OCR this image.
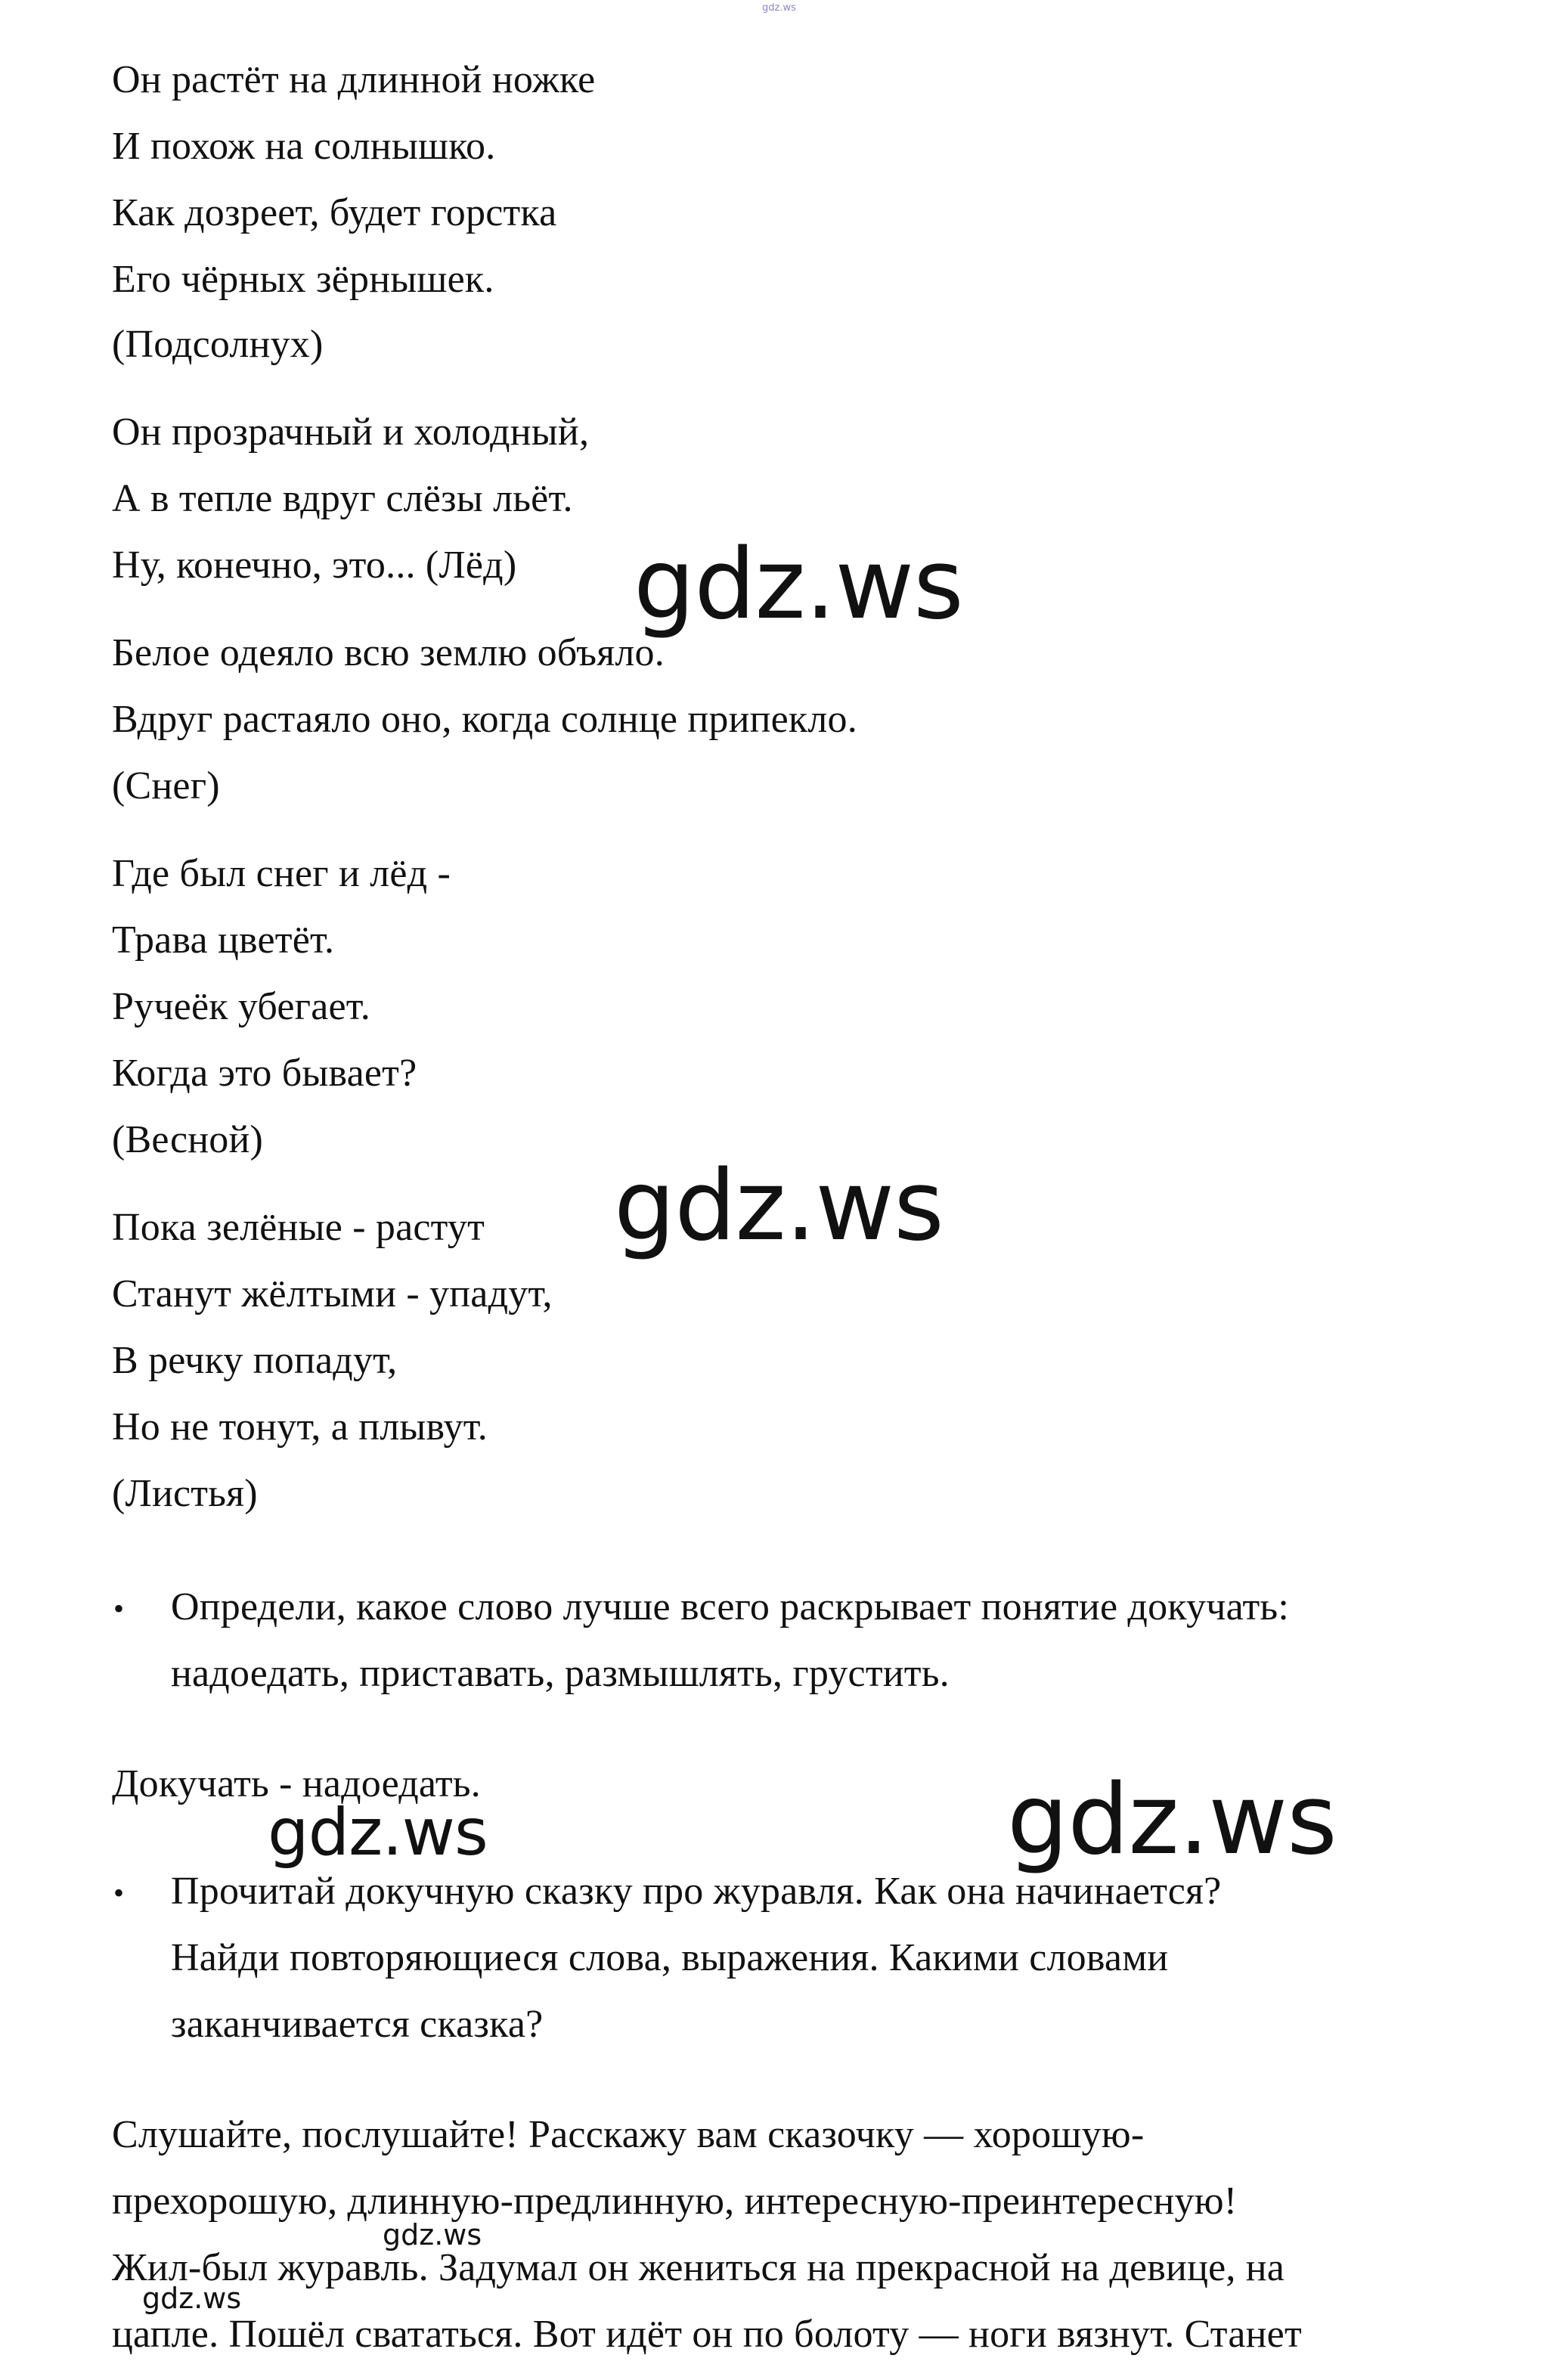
gdz.ws
Он растёт на длинной ножке
И похож на солнышко.
Как дозреет, будет горстка
Его чёрных зёрнышек.
(Подсолнух)
Он прозрачный и холодный,
А в тепле вдруг слёзы льёт.
Ну, конечно, это... (Лёд) gdz.ws
Белое одеяло всю землю объяло.
Вдруг растаяло оно, когда солнце припекло.
(Снег)
Где был снег и лёд -
Трава цветёт.
Ручеёк убегает.
Когда это бывает?
(Весной)
gdz.ws
Пока зелёные - растут
Станут жёлтыми - упадут,
В речку попадут,
Но не тонут, а плывут.
(Листья)
• Определи, какое слово лучше всего раскрывает понятие докучать:
надоедать, приставать, размышлять, грустить.
Докучать - надоедать.
gdz.ws	gdz.ws
• Прочитай докучную сказку про журавля. Как она начинается?
Найди повторяющиеся слова, выражения. Какими словами
заканчивается сказка?
Слушайте, послушайте! Расскажу вам сказочку — хорошую-
прехорошую, длинную-предлинную, интересную-преинтересную!
Жил-был журавль. Задумал он жениться на прекрасной на девице, на
цапле. Пошёл свататься. Вот идёт он по болоту — ноги вязнут. Станет
gdz.ws
gdz.ws
